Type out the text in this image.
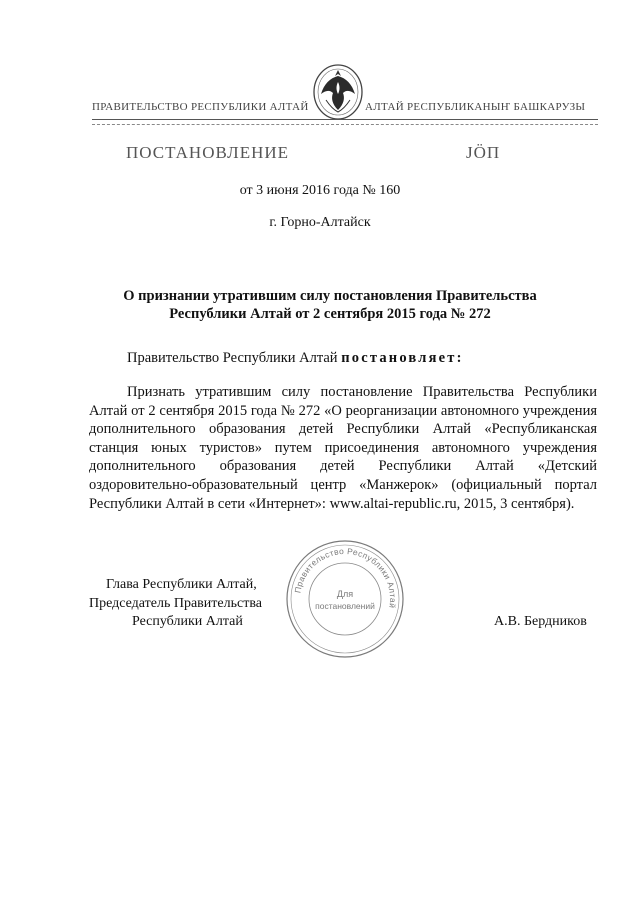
ПРАВИТЕЛЬСТВО РЕСПУБЛИКИ АЛТАЙ	АЛТАЙ РЕСПУБЛИКАНЫҤ БАШКАРУЗЫ
ПОСТАНОВЛЕНИЕ	JӦП
от 3 июня 2016 года № 160
г. Горно-Алтайск
О признании утратившим силу постановления Правительства Республики Алтай от 2 сентября 2015 года № 272
Правительство Республики Алтай постановляет:
Признать утратившим силу постановление Правительства Республики Алтай от 2 сентября 2015 года № 272 «О реорганизации автономного учреждения дополнительного образования детей Республики Алтай «Республиканская станция юных туристов» путем присоединения автономного учреждения дополнительного образования детей Республики Алтай «Детский оздоровительно-образовательный центр «Манжерок» (официальный портал Республики Алтай в сети «Интернет»: www.altai-republic.ru, 2015, 3 сентября).
Правительство Республики Алтай
Для
постановлений
Глава Республики Алтай,
Председатель Правительства
Республики Алтай	А.В. Бердников
